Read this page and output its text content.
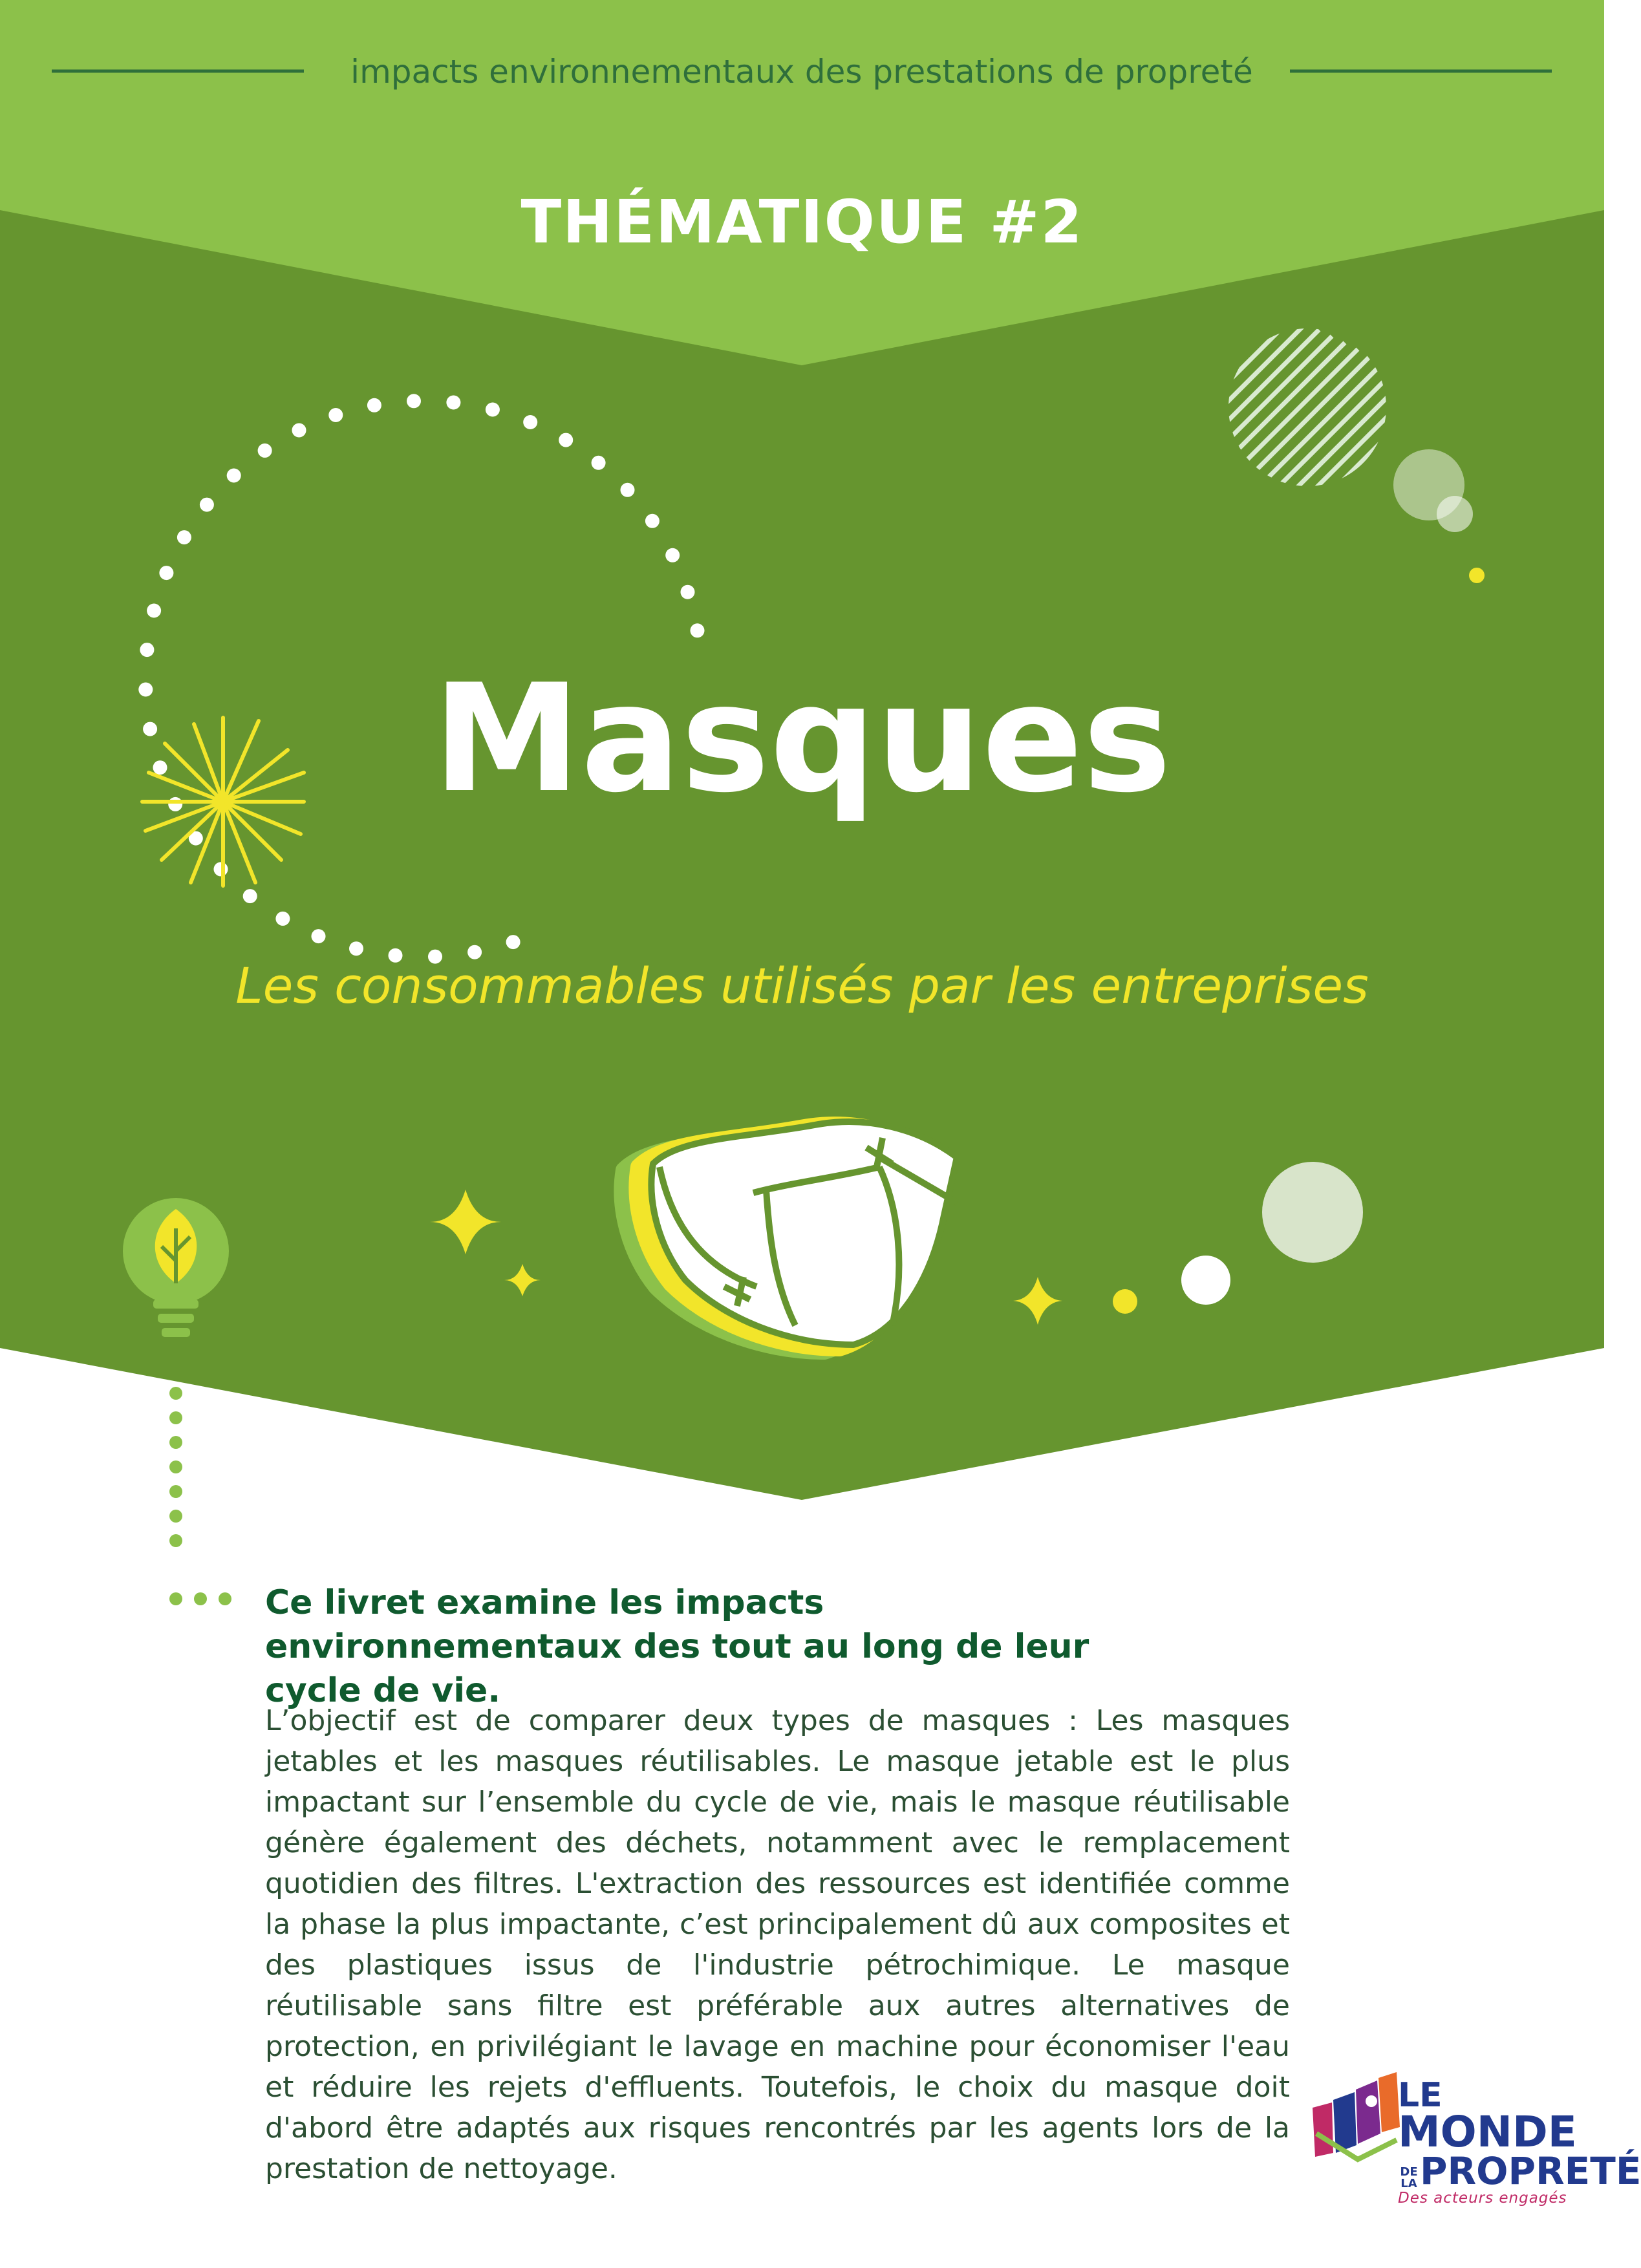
impacts environnementaux des prestations de propreté
THÉMATIQUE #2
Masques
Les consommables utilisés par les entreprises
Ce livret examine les impacts environnementaux des tout au long de leur cycle de vie.
L’objectif est de comparer deux types de masques : Les masques jetables et les masques réutilisables. Le masque jetable est le plus impactant sur l’ensemble du cycle de vie, mais le masque réutilisable génère également des déchets, notamment avec le remplacement quotidien des filtres. L'extraction des ressources est identifiée comme la phase la plus impactante, c’est principalement dû aux composites et des plastiques issus de l'industrie pétrochimique. Le masque réutilisable sans filtre est préférable aux autres alternatives de protection, en privilégiant le lavage en machine pour économiser l'eau et réduire les rejets d'effluents. Toutefois, le choix du masque doit d'abord être adaptés aux risques rencontrés par les agents lors de la prestation de nettoyage.
LE
MONDE
DE
LA PROPRETÉ
Des acteurs engagés
